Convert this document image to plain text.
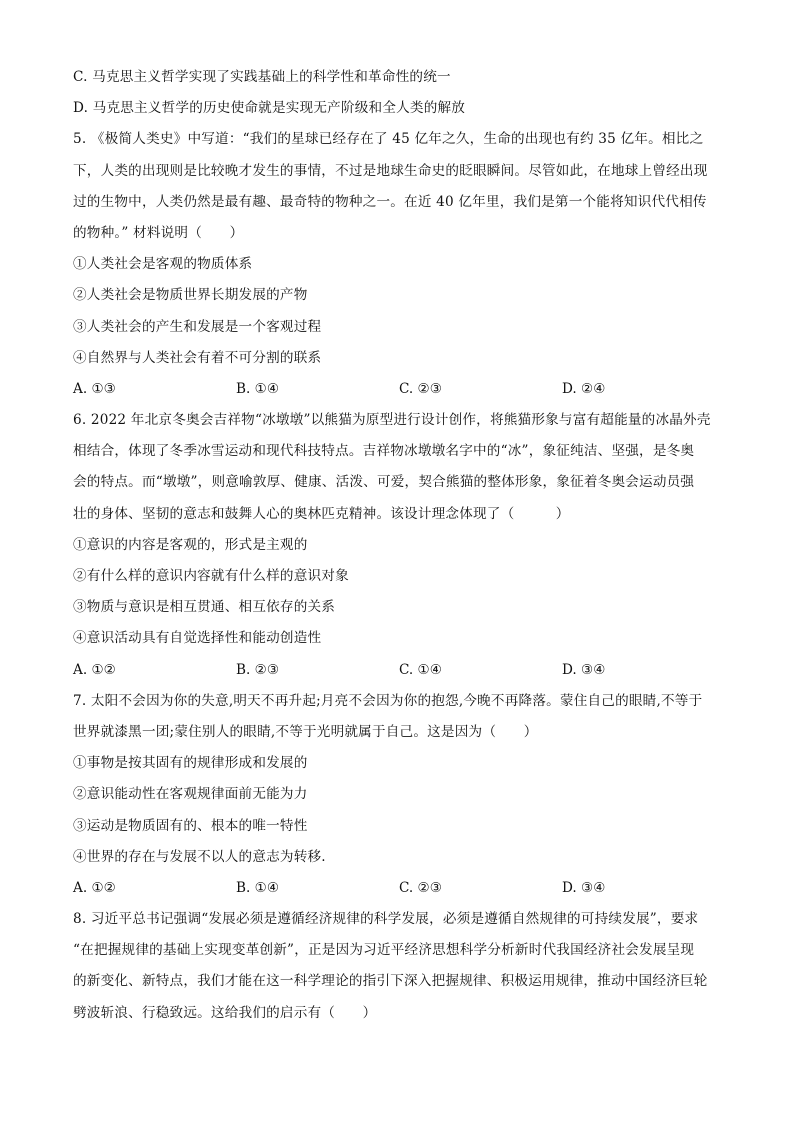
C. 马克思主义哲学实现了实践基础上的科学性和革命性的统一
D. 马克思主义哲学的历史使命就是实现无产阶级和全人类的解放
5. 《极简人类史》中写道：“我们的星球已经存在了 45 亿年之久，生命的出现也有约 35 亿年。相比之
下，人类的出现则是比较晚才发生的事情，不过是地球生命史的眨眼瞬间。尽管如此，在地球上曾经出现
过的生物中，人类仍然是最有趣、最奇特的物种之一。在近 40 亿年里，我们是第一个能将知识代代相传
的物种。” 材料说明（　　）
①人类社会是客观的物质体系
②人类社会是物质世界长期发展的产物
③人类社会的产生和发展是一个客观过程
④自然界与人类社会有着不可分割的联系
A. ①③	B. ①④	C. ②③	D. ②④
6. 2022 年北京冬奥会吉祥物“冰墩墩”以熊猫为原型进行设计创作，将熊猫形象与富有超能量的冰晶外壳
相结合，体现了冬季冰雪运动和现代科技特点。吉祥物冰墩墩名字中的“冰”，象征纯洁、坚强，是冬奥
会的特点。而“墩墩”，则意喻敦厚、健康、活泼、可爱，契合熊猫的整体形象，象征着冬奥会运动员强
壮的身体、坚韧的意志和鼓舞人心的奥林匹克精神。该设计理念体现了（　　　）
①意识的内容是客观的，形式是主观的
②有什么样的意识内容就有什么样的意识对象
③物质与意识是相互贯通、相互依存的关系
④意识活动具有自觉选择性和能动创造性
A. ①②	B. ②③	C. ①④	D. ③④
7. 太阳不会因为你的失意,明天不再升起;月亮不会因为你的抱怨,今晚不再降落。蒙住自己的眼睛,不等于
世界就漆黑一团;蒙住别人的眼睛,不等于光明就属于自己。这是因为（　　）
①事物是按其固有的规律形成和发展的
②意识能动性在客观规律面前无能为力
③运动是物质固有的、根本的唯一特性
④世界的存在与发展不以人的意志为转移.
A. ①②	B. ①④	C. ②③	D. ③④
8. 习近平总书记强调“发展必须是遵循经济规律的科学发展，必须是遵循自然规律的可持续发展”，要求
“在把握规律的基础上实现变革创新”，正是因为习近平经济思想科学分析新时代我国经济社会发展呈现
的新变化、新特点，我们才能在这一科学理论的指引下深入把握规律、积极运用规律，推动中国经济巨轮
劈波斩浪、行稳致远。这给我们的启示有（　　）
